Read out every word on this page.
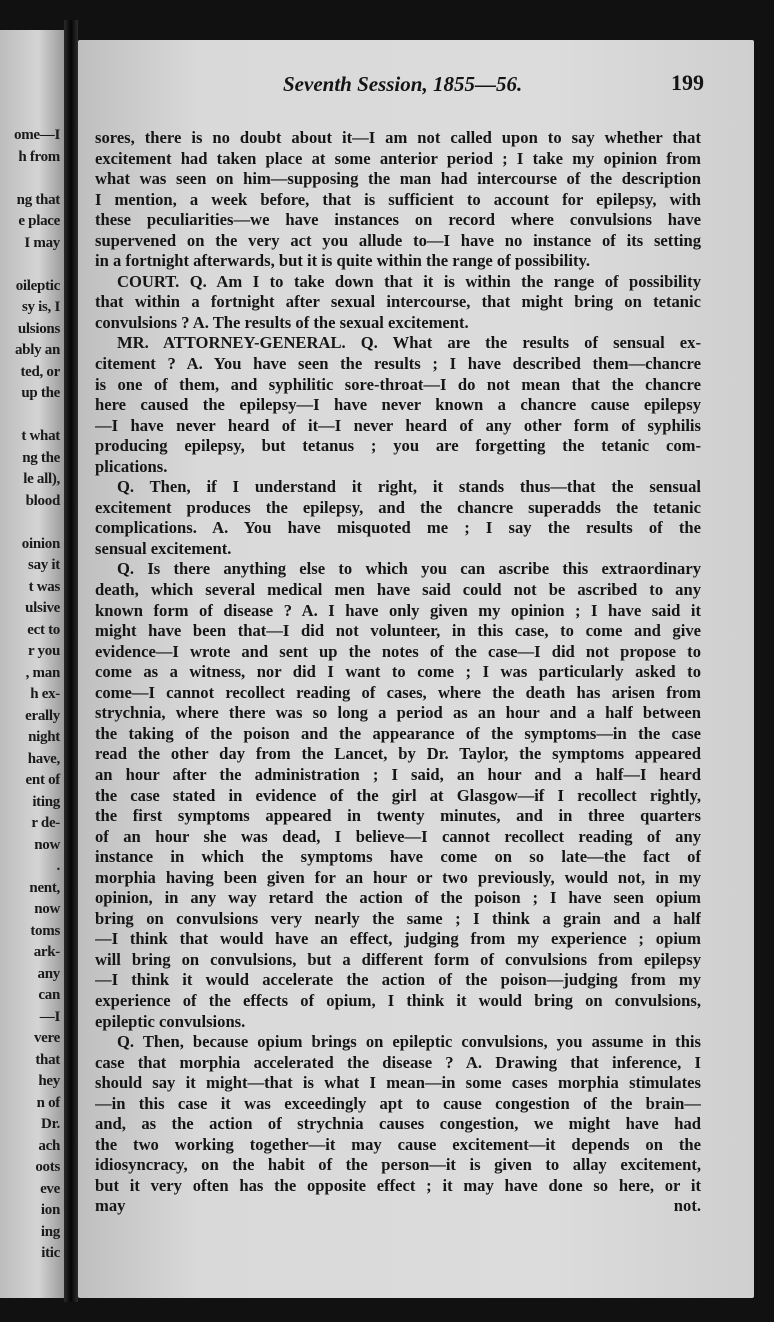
ome—I
h from
ng that
e place
I may
oileptic
sy is, I
ulsions
ably an
ted, or
up the
t what
ng the
le all),
blood
oinion
say it
t was
ulsive
ect to
r you
, man
h ex-
erally
night
have,
ent of
iting
r de-
now
.
nent,
now
toms
ark-
any
can
—I
vere
that
hey
n of
Dr.
ach
oots
eve
ion
ing
itic
Seventh Session, 1855—56.	199
sores, there is no doubt about it—I am not called upon to say whether that
excitement had taken place at some anterior period ; I take my opinion from
what was seen on him—supposing the man had intercourse of the description
I mention, a week before, that is sufficient to account for epilepsy, with
these peculiarities—we have instances on record where convulsions have
supervened on the very act you allude to—I have no instance of its setting
in a fortnight afterwards, but it is quite within the range of possibility.
COURT. Q. Am I to take down that it is within the range of possibility
that within a fortnight after sexual intercourse, that might bring on tetanic
convulsions ? A. The results of the sexual excitement.
MR. ATTORNEY-GENERAL. Q. What are the results of sensual ex-
citement ? A. You have seen the results ; I have described them—chancre
is one of them, and syphilitic sore-throat—I do not mean that the chancre
here caused the epilepsy—I have never known a chancre cause epilepsy
—I have never heard of it—I never heard of any other form of syphilis
producing epilepsy, but tetanus ; you are forgetting the tetanic com-
plications.
Q. Then, if I understand it right, it stands thus—that the sensual
excitement produces the epilepsy, and the chancre superadds the tetanic
complications. A. You have misquoted me ; I say the results of the
sensual excitement.
Q. Is there anything else to which you can ascribe this extraordinary
death, which several medical men have said could not be ascribed to any
known form of disease ? A. I have only given my opinion ; I have said it
might have been that—I did not volunteer, in this case, to come and give
evidence—I wrote and sent up the notes of the case—I did not propose to
come as a witness, nor did I want to come ; I was particularly asked to
come—I cannot recollect reading of cases, where the death has arisen from
strychnia, where there was so long a period as an hour and a half between
the taking of the poison and the appearance of the symptoms—in the case
read the other day from the Lancet, by Dr. Taylor, the symptoms appeared
an hour after the administration ; I said, an hour and a half—I heard
the case stated in evidence of the girl at Glasgow—if I recollect rightly,
the first symptoms appeared in twenty minutes, and in three quarters
of an hour she was dead, I believe—I cannot recollect reading of any
instance in which the symptoms have come on so late—the fact of
morphia having been given for an hour or two previously, would not, in my
opinion, in any way retard the action of the poison ; I have seen opium
bring on convulsions very nearly the same ; I think a grain and a half
—I think that would have an effect, judging from my experience ; opium
will bring on convulsions, but a different form of convulsions from epilepsy
—I think it would accelerate the action of the poison—judging from my
experience of the effects of opium, I think it would bring on convulsions,
epileptic convulsions.
Q. Then, because opium brings on epileptic convulsions, you assume in this
case that morphia accelerated the disease ? A. Drawing that inference, I
should say it might—that is what I mean—in some cases morphia stimulates
—in this case it was exceedingly apt to cause congestion of the brain—
and, as the action of strychnia causes congestion, we might have had
the two working together—it may cause excitement—it depends on the
idiosyncracy, on the habit of the person—it is given to allay excitement,
but it very often has the opposite effect ; it may have done so here, or it
may not.
